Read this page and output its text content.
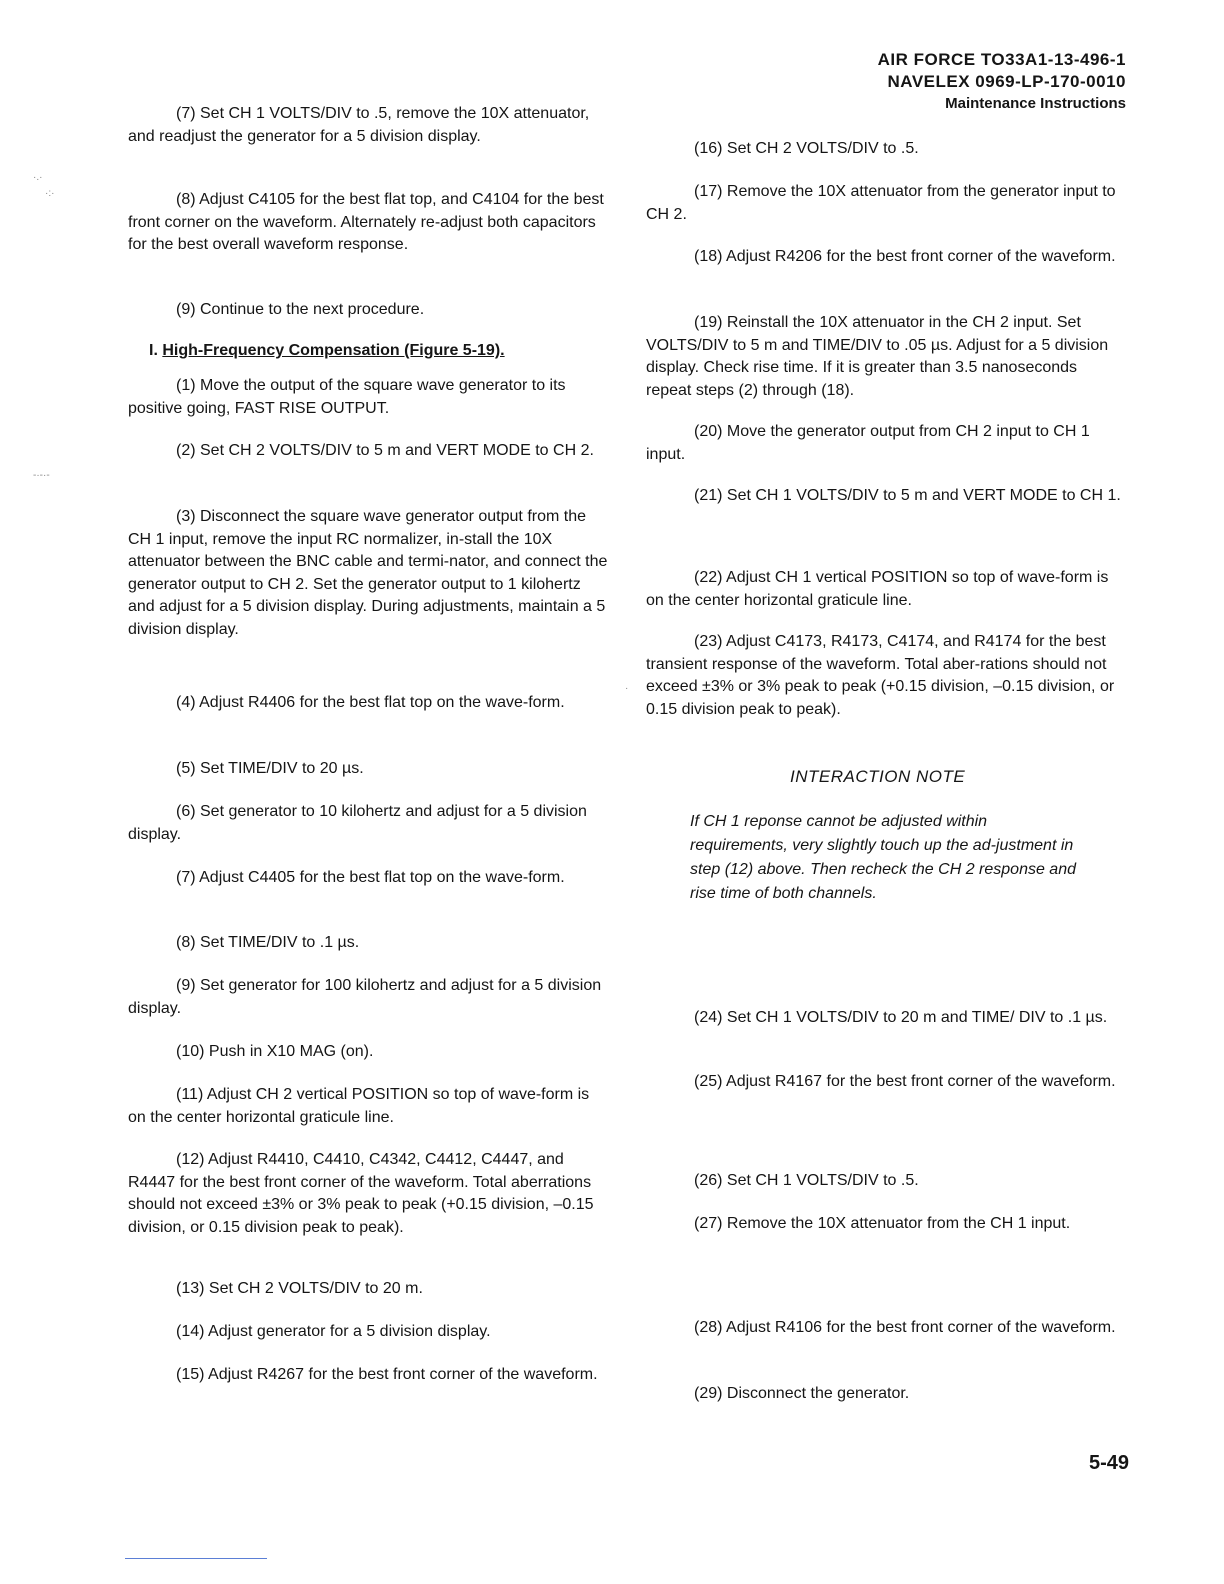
AIR FORCE TO33A1-13-496-1
NAVELEX 0969-LP-170-0010
Maintenance Instructions
(7) Set CH 1 VOLTS/DIV to .5, remove the 10X attenuator, and readjust the generator for a 5 division display.
(8) Adjust C4105 for the best flat top, and C4104 for the best front corner on the waveform. Alternately re-adjust both capacitors for the best overall waveform response.
(9) Continue to the next procedure.
I. High-Frequency Compensation (Figure 5-19).
(1) Move the output of the square wave generator to its positive going, FAST RISE OUTPUT.
(2) Set CH 2 VOLTS/DIV to 5 m and VERT MODE to CH 2.
(3) Disconnect the square wave generator output from the CH 1 input, remove the input RC normalizer, in-stall the 10X attenuator between the BNC cable and termi-nator, and connect the generator output to CH 2. Set the generator output to 1 kilohertz and adjust for a 5 division display. During adjustments, maintain a 5 division display.
(4) Adjust R4406 for the best flat top on the wave-form.
(5) Set TIME/DIV to 20 µs.
(6) Set generator to 10 kilohertz and adjust for a 5 division display.
(7) Adjust C4405 for the best flat top on the wave-form.
(8) Set TIME/DIV to .1 µs.
(9) Set generator for 100 kilohertz and adjust for a 5 division display.
(10) Push in X10 MAG (on).
(11) Adjust CH 2 vertical POSITION so top of wave-form is on the center horizontal graticule line.
(12) Adjust R4410, C4410, C4342, C4412, C4447, and R4447 for the best front corner of the waveform. Total aberrations should not exceed ±3% or 3% peak to peak (+0.15 division, –0.15 division, or 0.15 division peak to peak).
(13) Set CH 2 VOLTS/DIV to 20 m.
(14) Adjust generator for a 5 division display.
(15) Adjust R4267 for the best front corner of the waveform.
(16) Set CH 2 VOLTS/DIV to .5.
(17) Remove the 10X attenuator from the generator input to CH 2.
(18) Adjust R4206 for the best front corner of the waveform.
(19) Reinstall the 10X attenuator in the CH 2 input. Set VOLTS/DIV to 5 m and TIME/DIV to .05 µs. Adjust for a 5 division display. Check rise time. If it is greater than 3.5 nanoseconds repeat steps (2) through (18).
(20) Move the generator output from CH 2 input to CH 1 input.
(21) Set CH 1 VOLTS/DIV to 5 m and VERT MODE to CH 1.
(22) Adjust CH 1 vertical POSITION so top of wave-form is on the center horizontal graticule line.
(23) Adjust C4173, R4173, C4174, and R4174 for the best transient response of the waveform. Total aber-rations should not exceed ±3% or 3% peak to peak (+0.15 division, –0.15 division, or 0.15 division peak to peak).
INTERACTION NOTE
If CH 1 reponse cannot be adjusted within requirements, very slightly touch up the ad-justment in step (12) above. Then recheck the CH 2 response and rise time of both channels.
(24) Set CH 1 VOLTS/DIV to 20 m and TIME/ DIV to .1 µs.
(25) Adjust R4167 for the best front corner of the waveform.
(26) Set CH 1 VOLTS/DIV to .5.
(27) Remove the 10X attenuator from the CH 1 input.
(28) Adjust R4106 for the best front corner of the waveform.
(29) Disconnect the generator.
5-49
·.·
·:·
-·-·-
·
